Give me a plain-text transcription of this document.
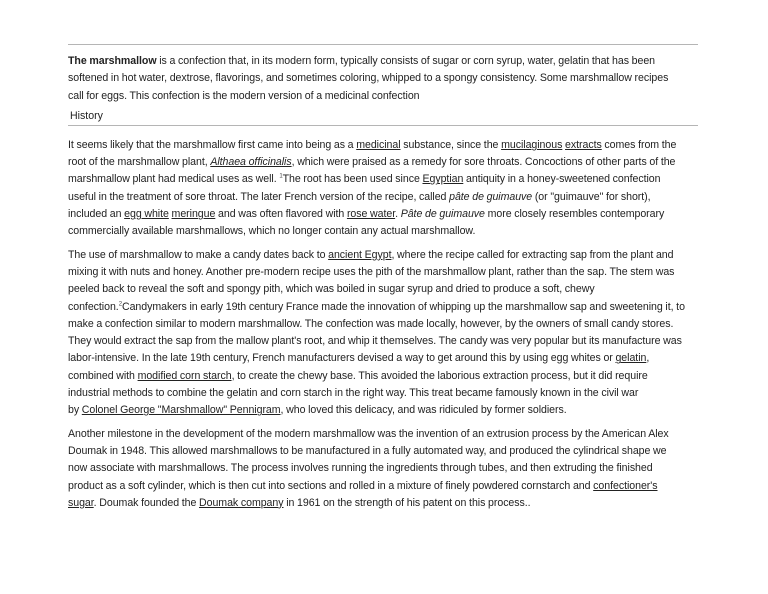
The marshmallow is a confection that, in its modern form, typically consists of sugar or corn syrup, water, gelatin that has been
softened in hot water, dextrose, flavorings, and sometimes coloring, whipped to a spongy consistency. Some marshmallow recipes
call for eggs. This confection is the modern version of a medicinal confection
History
It seems likely that the marshmallow first came into being as a medicinal substance, since the mucilaginous extracts comes from the
root of the marshmallow plant, Althaea officinalis, which were praised as a remedy for sore throats. Concoctions of other parts of the
marshmallow plant had medical uses as well. $^1$The root has been used since Egyptian antiquity in a honey-sweetened confection
useful in the treatment of sore throat. The later French version of the recipe, called pâte de guimauve (or "guimauve" for short),
included an egg white meringue and was often flavored with rose water. Pâte de guimauve more closely resembles contemporary
commercially available marshmallows, which no longer contain any actual marshmallow.
The use of marshmallow to make a candy dates back to ancient Egypt, where the recipe called for extracting sap from the plant and
mixing it with nuts and honey. Another pre-modern recipe uses the pith of the marshmallow plant, rather than the sap. The stem was
peeled back to reveal the soft and spongy pith, which was boiled in sugar syrup and dried to produce a soft, chewy
confection.$^2$Candymakers in early 19th century France made the innovation of whipping up the marshmallow sap and sweetening it, to
make a confection similar to modern marshmallow. The confection was made locally, however, by the owners of small candy stores.
They would extract the sap from the mallow plant's root, and whip it themselves. The candy was very popular but its manufacture was
labor-intensive. In the late 19th century, French manufacturers devised a way to get around this by using egg whites or gelatin,
combined with modified corn starch, to create the chewy base. This avoided the laborious extraction process, but it did require
industrial methods to combine the gelatin and corn starch in the right way. This treat became famously known in the civil war
by Colonel George "Marshmallow" Pennigram, who loved this delicacy, and was ridiculed by former soldiers.
Another milestone in the development of the modern marshmallow was the invention of an extrusion process by the American Alex
Doumak in 1948. This allowed marshmallows to be manufactured in a fully automated way, and produced the cylindrical shape we
now associate with marshmallows. The process involves running the ingredients through tubes, and then extruding the finished
product as a soft cylinder, which is then cut into sections and rolled in a mixture of finely powdered cornstarch and confectioner's
sugar. Doumak founded the Doumak company in 1961 on the strength of his patent on this process..
